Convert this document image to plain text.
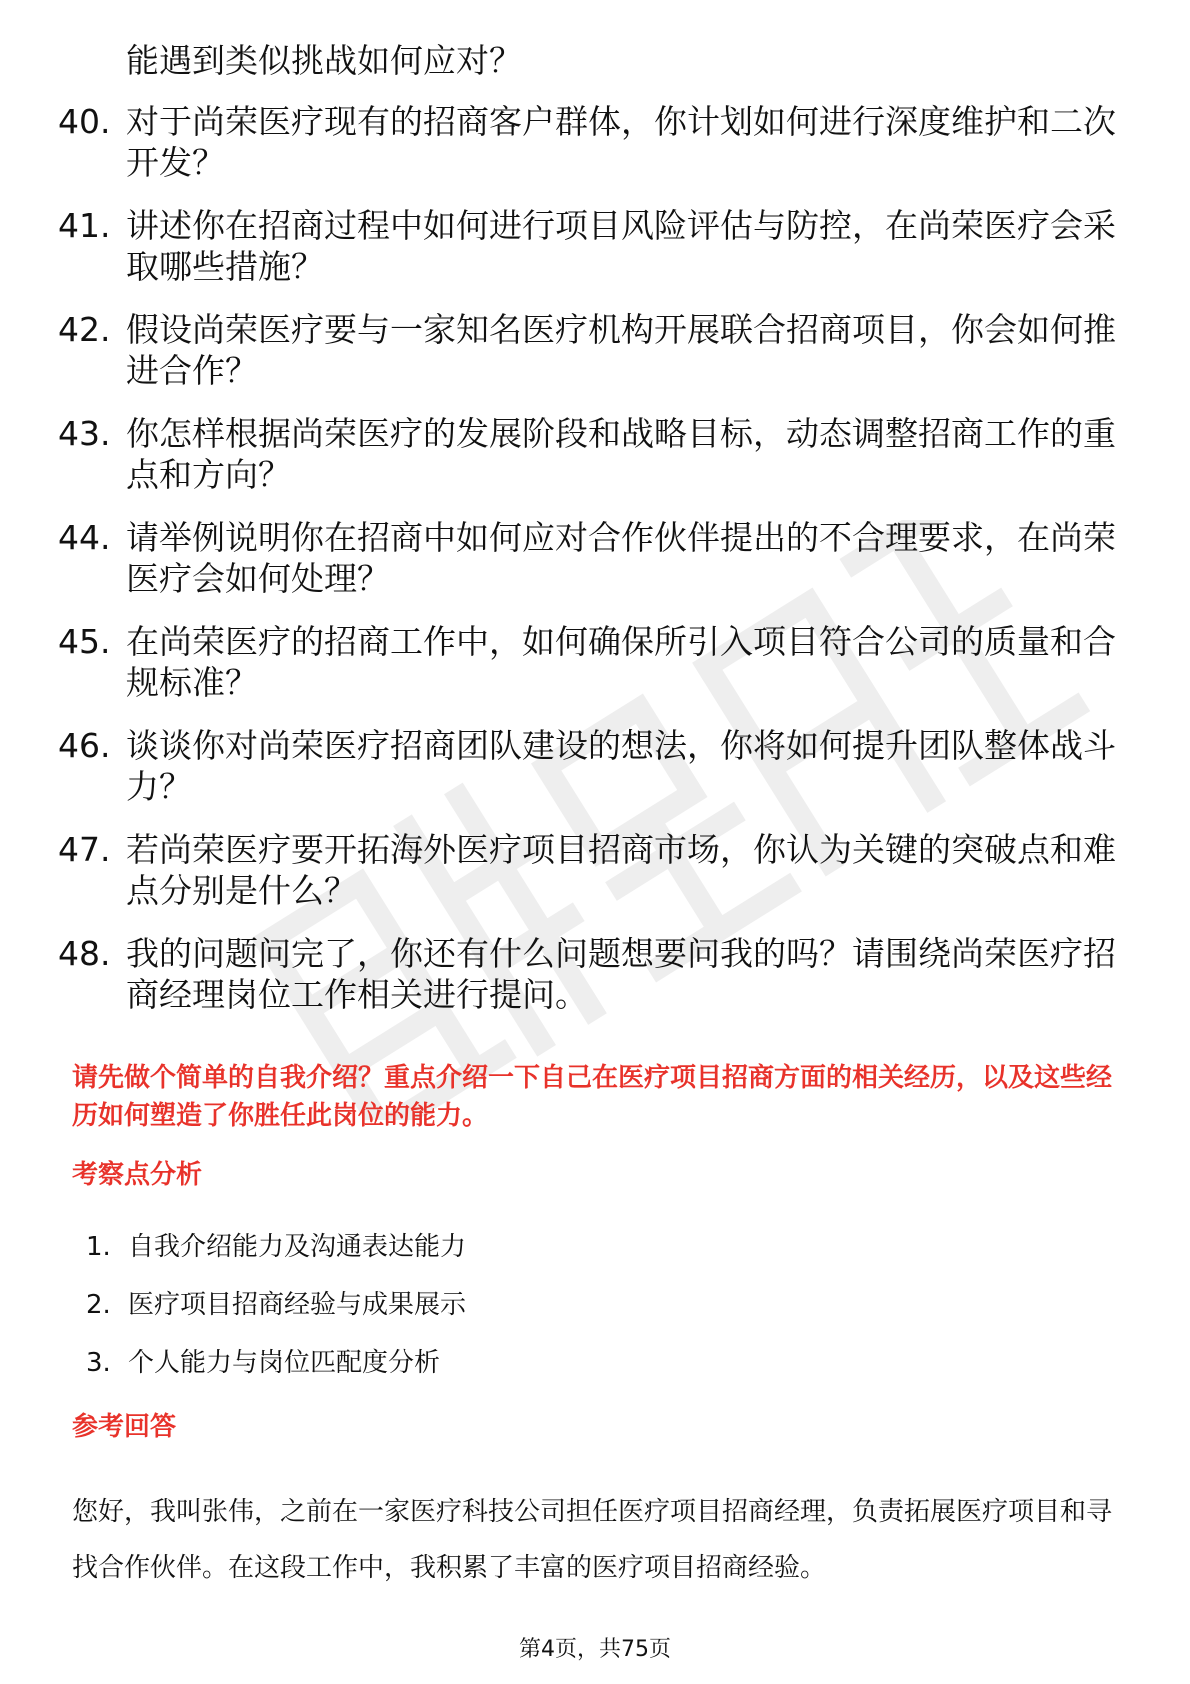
能遇到类似挑战如何应对？
40. 对于尚荣医疗现有的招商客户群体，你计划如何进行深度维护和二次开发？
41. 讲述你在招商过程中如何进行项目风险评估与防控，在尚荣医疗会采取哪些措施？
42. 假设尚荣医疗要与一家知名医疗机构开展联合招商项目，你会如何推进合作？
43. 你怎样根据尚荣医疗的发展阶段和战略目标，动态调整招商工作的重点和方向？
44. 请举例说明你在招商中如何应对合作伙伴提出的不合理要求，在尚荣医疗会如何处理？
45. 在尚荣医疗的招商工作中，如何确保所引入项目符合公司的质量和合规标准？
46. 谈谈你对尚荣医疗招商团队建设的想法，你将如何提升团队整体战斗力？
47. 若尚荣医疗要开拓海外医疗项目招商市场，你认为关键的突破点和难点分别是什么？
48. 我的问题问完了，你还有什么问题想要问我的吗？请围绕尚荣医疗招商经理岗位工作相关进行提问。
请先做个简单的自我介绍？重点介绍一下自己在医疗项目招商方面的相关经历，以及这些经历如何塑造了你胜任此岗位的能力。
考察点分析
1. 自我介绍能力及沟通表达能力
2. 医疗项目招商经验与成果展示
3. 个人能力与岗位匹配度分析
参考回答
您好，我叫张伟，之前在一家医疗科技公司担任医疗项目招商经理，负责拓展医疗项目和寻找合作伙伴。在这段工作中，我积累了丰富的医疗项目招商经验。
第4页，共75页
